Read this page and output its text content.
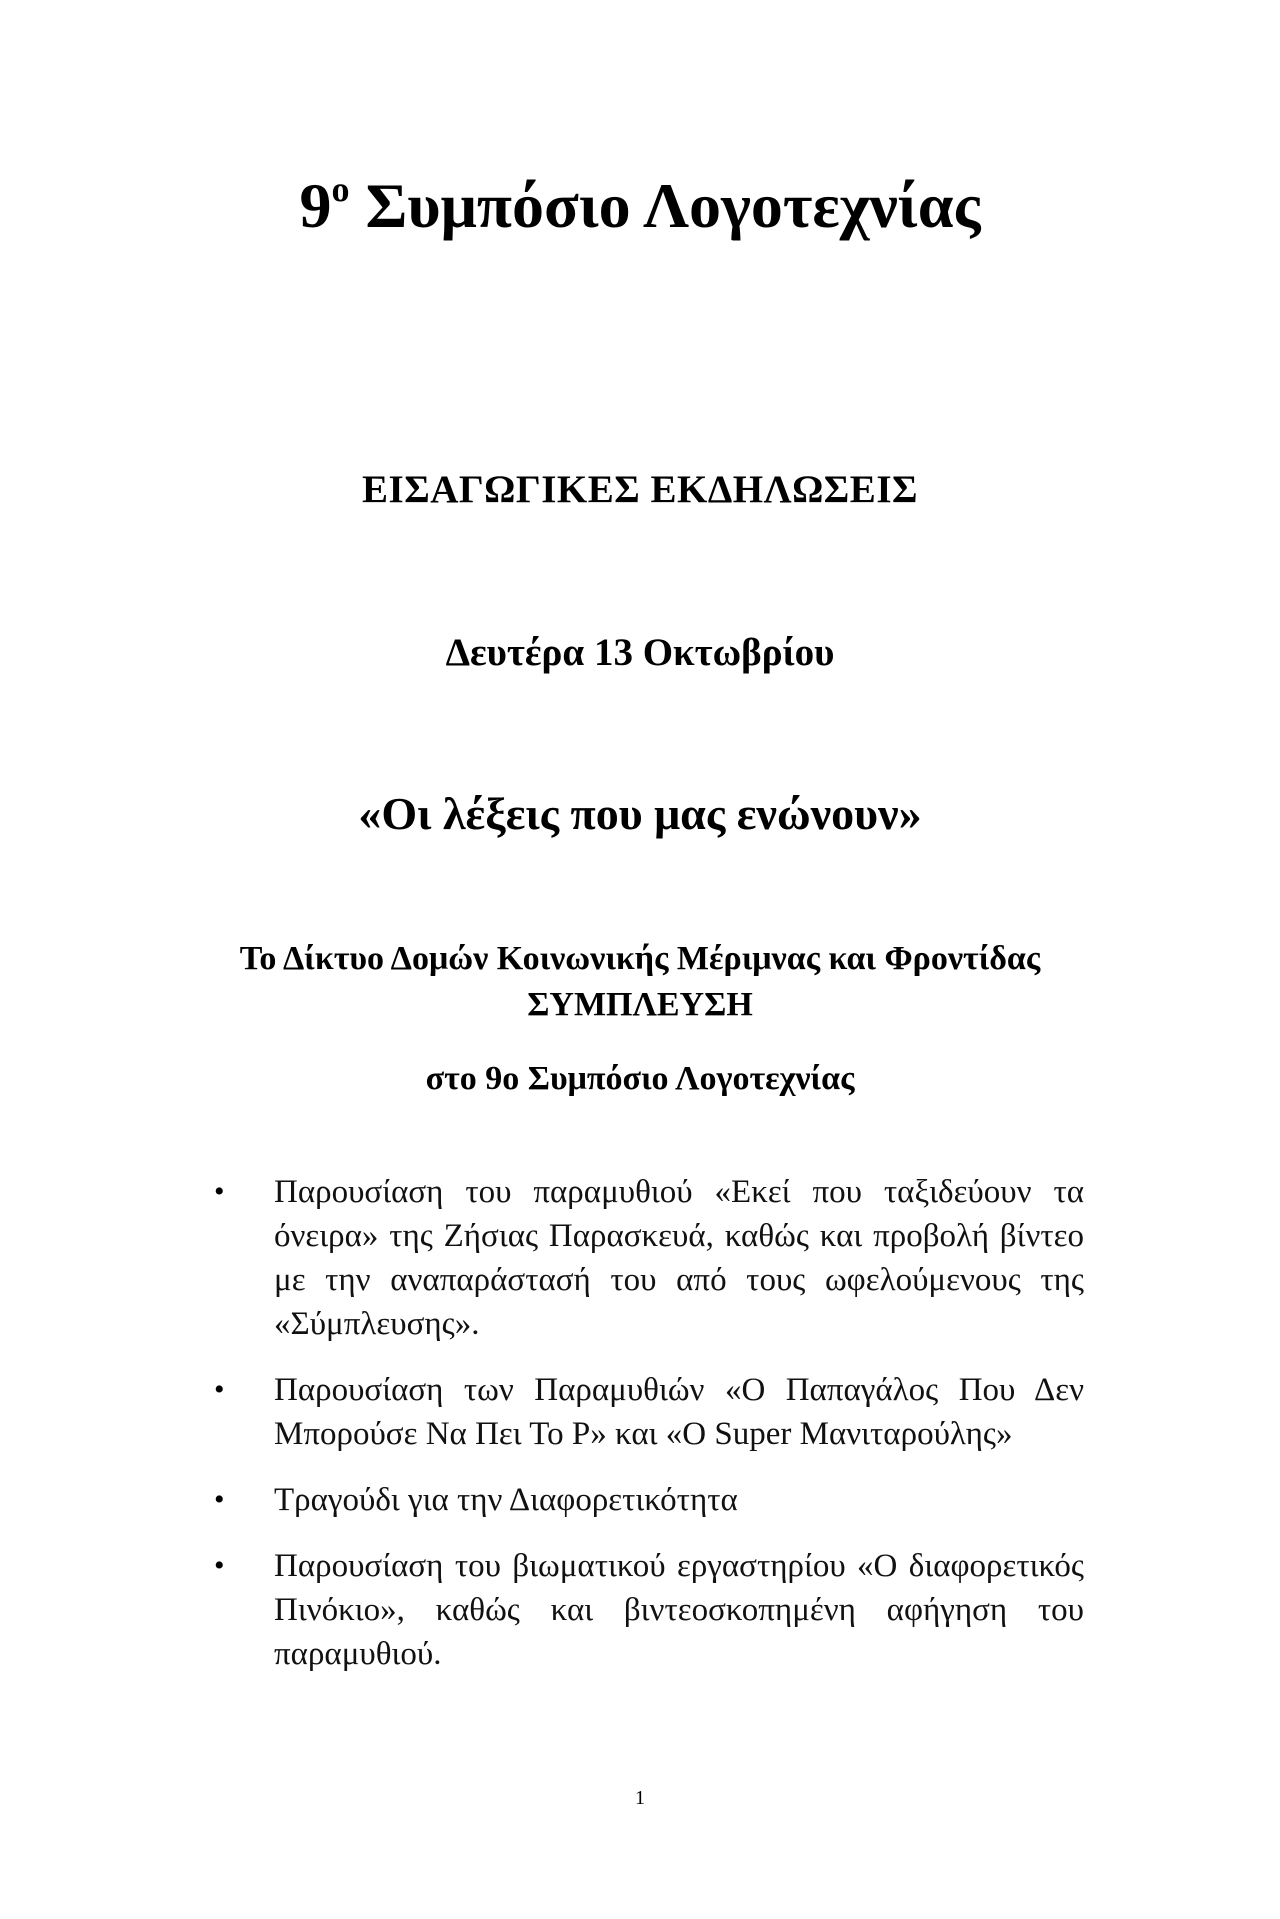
$9^o$ Συμπόσιο Λογοτεχνίας
ΕΙΣΑΓΩΓΙΚΕΣ ΕΚΔΗΛΩΣΕΙΣ
Δευτέρα 13 Οκτωβρίου
«Οι λέξεις που μας ενώνουν»
Το Δίκτυο Δομών Κοινωνικής Μέριμνας και Φροντίδας
ΣΥΜΠΛΕΥΣΗ
στο 9ο Συμπόσιο Λογοτεχνίας
• Παρουσίαση του παραμυθιού «Εκεί που ταξιδεύουν τα όνειρα» της Ζήσιας Παρασκευά, καθώς και προβολή βίντεο με την αναπαράστασή του από τους ωφελούμενους της «Σύμπλευσης».
• Παρουσίαση των Παραμυθιών «Ο Παπαγάλος Που Δεν Μπορούσε Να Πει Το Ρ» και «Ο Super Μανιταρούλης»
• Τραγούδι για την Διαφορετικότητα
• Παρουσίαση του βιωματικού εργαστηρίου «Ο διαφορετικός Πινόκιο», καθώς και βιντεοσκοπημένη αφήγηση του παραμυθιού.
1
